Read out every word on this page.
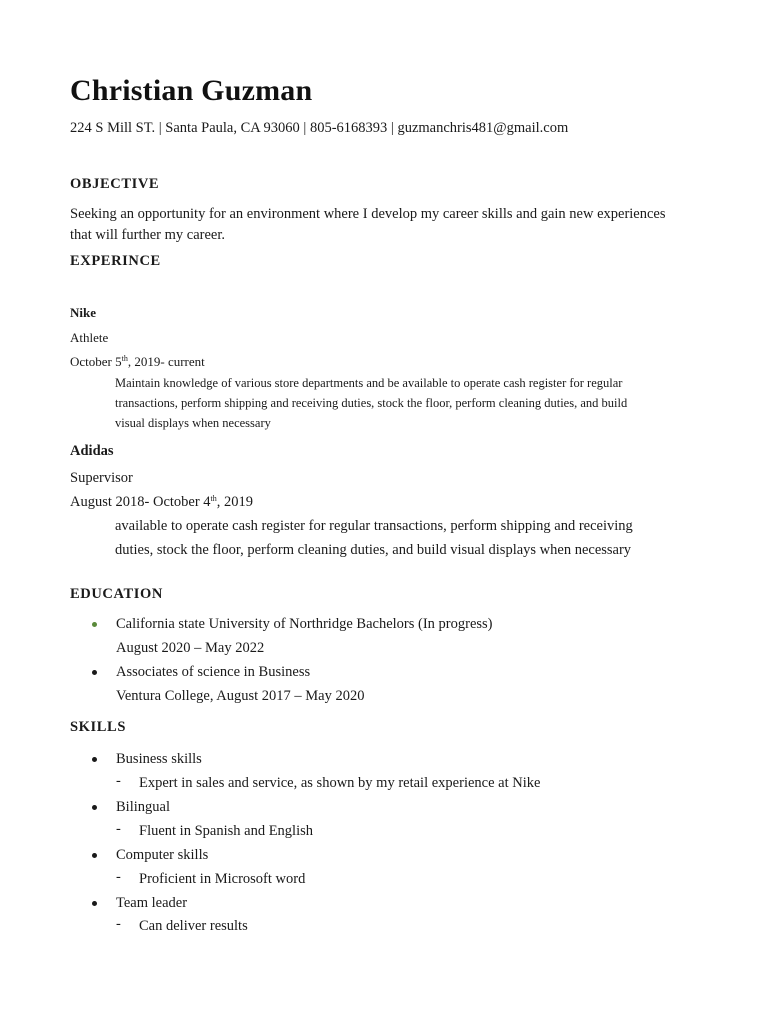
Christian Guzman
224 S Mill ST. | Santa Paula, CA 93060 | 805-6168393 | guzmanchris481@gmail.com
OBJECTIVE
Seeking an opportunity for an environment where I develop my career skills and gain new experiences
that will further my career.
EXPERINCE
Nike
Athlete
October 5th, 2019- current
Maintain knowledge of various store departments and be available to operate cash register for regular
transactions, perform shipping and receiving duties, stock the floor, perform cleaning duties, and build
visual displays when necessary
Adidas
Supervisor
August 2018- October 4th, 2019
available to operate cash register for regular transactions, perform shipping and receiving
duties, stock the floor, perform cleaning duties, and build visual displays when necessary
EDUCATION
California state University of Northridge Bachelors (In progress)
August 2020 – May 2022
Associates of science in Business
Ventura College, August 2017 – May 2020
SKILLS
Business skills
- Expert in sales and service, as shown by my retail experience at Nike
Bilingual
- Fluent in Spanish and English
Computer skills
- Proficient in Microsoft word
Team leader
- Can deliver results
